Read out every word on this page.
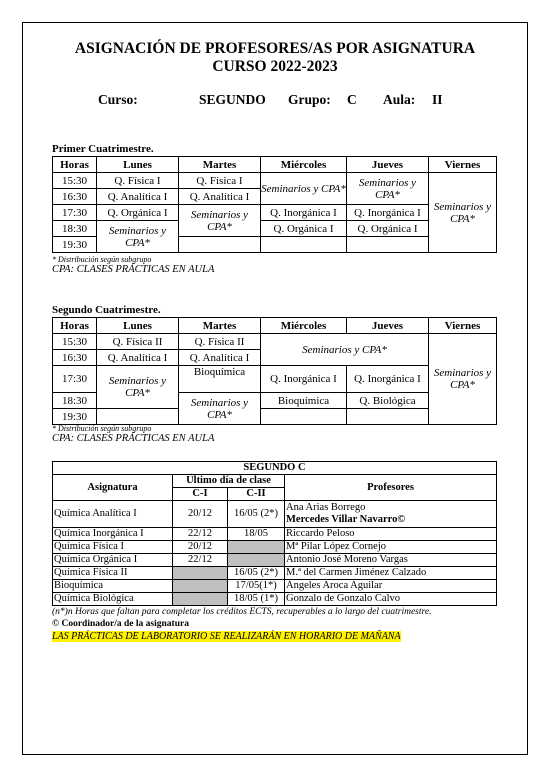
ASIGNACIÓN DE PROFESORES/AS POR ASIGNATURA
CURSO 2022-2023
Curso:	SEGUNDO Grupo: C Aula: II
Primer Cuatrimestre.
Horas	Lunes	Martes	Miércoles	Jueves	Viernes
15:30	Q. Física I	Q. Física I	Seminarios y CPA*	Seminarios y CPA*	Seminarios y CPA*
16:30	Q. Analítica I	Q. Analítica I			
17:30	Q. Orgánica I	Seminarios y CPA*	Q. Inorgánica I	Q. Inorgánica I	
18:30	Seminarios y CPA*		Q. Orgánica I	Q. Orgánica I	
19:30					
* Distribución según subgrupo
CPA: CLASES PRÁCTICAS EN AULA
Segundo Cuatrimestre.
Horas	Lunes	Martes	Miércoles	Jueves	Viernes
15:30	Q. Física II	Q. Física II	Seminarios y CPA*		Seminarios y CPA*
16:30	Q. Analítica I	Q. Analítica I			
17:30	Seminarios y CPA*	Bioquímica	Q. Inorgánica I	Q. Inorgánica I	
18:30		Seminarios y CPA*	Bioquímica	Q. Biológica	
19:30					
* Distribución según subgrupo
CPA: CLASES PRÁCTICAS EN AULA
SEGUNDO C			
Asignatura	Último día de clase		Profesores
	C-I	C-II	
Química Analítica I	20/12	16/05 (2*)	Ana Arias Borrego
Mercedes Villar Navarro©

Química Inorgánica I	22/12	18/05	Riccardo Peloso
Química Física I	20/12		Mª Pilar López Cornejo
Química Orgánica I	22/12		Antonio José Moreno Vargas
Química Física II		16/05 (2*)	M.ª del Carmen Jiménez Calzado
Bioquímica		17/05(1*)	Ángeles Aroca Aguilar
Química Biológica		18/05 (1*)	Gonzalo de Gonzalo Calvo
(n*)n Horas que faltan para completar los créditos ECTS, recuperables a lo largo del cuatrimestre.
© Coordinador/a de la asignatura
LAS PRÁCTICAS DE LABORATORIO SE REALIZARÁN EN HORARIO DE MAÑANA
